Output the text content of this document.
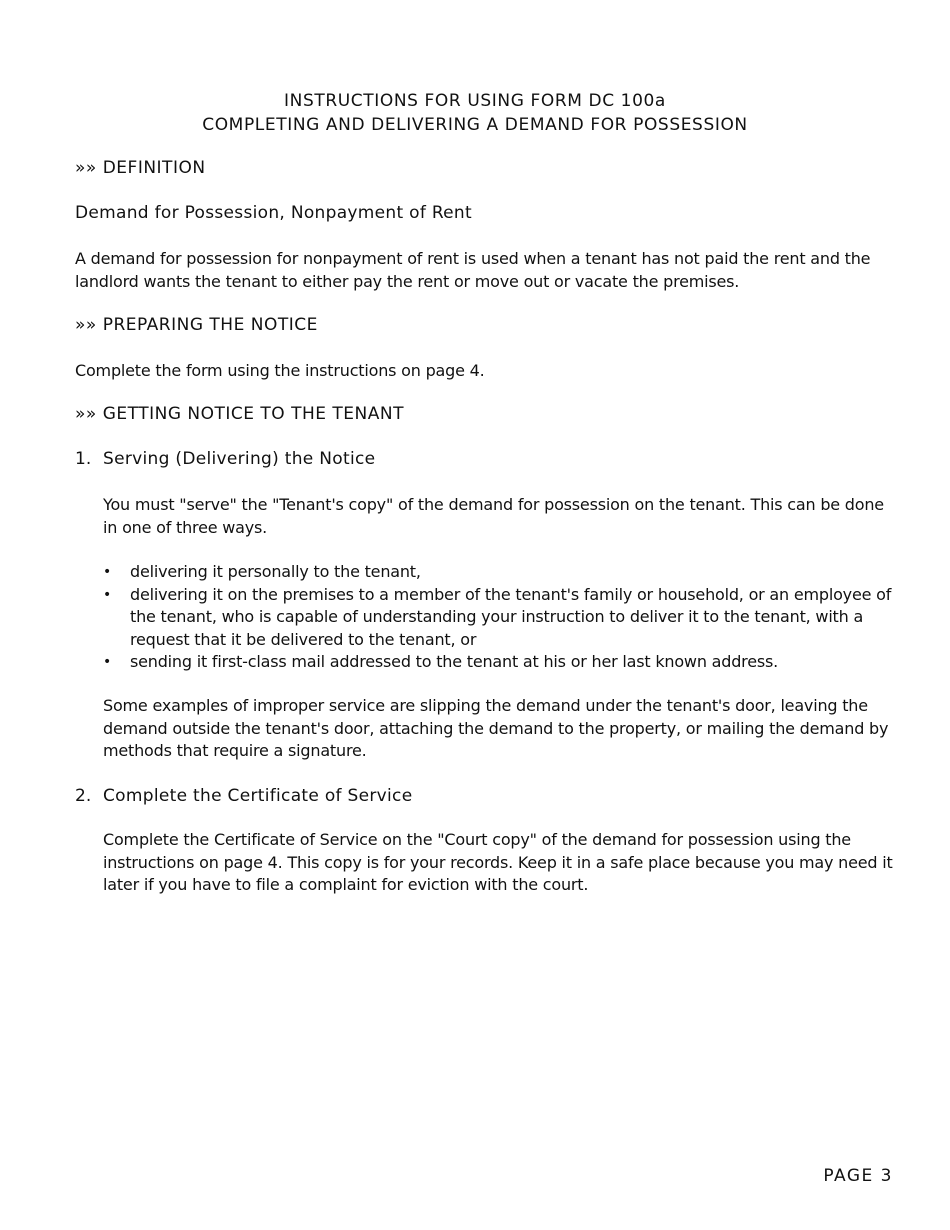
INSTRUCTIONS FOR USING FORM DC 100a
COMPLETING AND DELIVERING A DEMAND FOR POSSESSION
»» DEFINITION
Demand for Possession, Nonpayment of Rent
A demand for possession for nonpayment of rent is used when a tenant has not paid the rent and the landlord wants the tenant to either pay the rent or move out or vacate the premises.
»» PREPARING THE NOTICE
Complete the form using the instructions on page 4.
»» GETTING NOTICE TO THE TENANT
1. Serving (Delivering) the Notice
You must "serve" the "Tenant's copy" of the demand for possession on the tenant. This can be done in one of three ways.
• delivering it personally to the tenant,
• delivering it on the premises to a member of the tenant's family or household, or an employee of the tenant, who is capable of understanding your instruction to deliver it to the tenant, with a request that it be delivered to the tenant, or
• sending it first-class mail addressed to the tenant at his or her last known address.
Some examples of improper service are slipping the demand under the tenant's door, leaving the demand outside the tenant's door, attaching the demand to the property, or mailing the demand by methods that require a signature.
2. Complete the Certificate of Service
Complete the Certificate of Service on the "Court copy" of the demand for possession using the instructions on page 4. This copy is for your records. Keep it in a safe place because you may need it later if you have to file a complaint for eviction with the court.
PAGE 3
